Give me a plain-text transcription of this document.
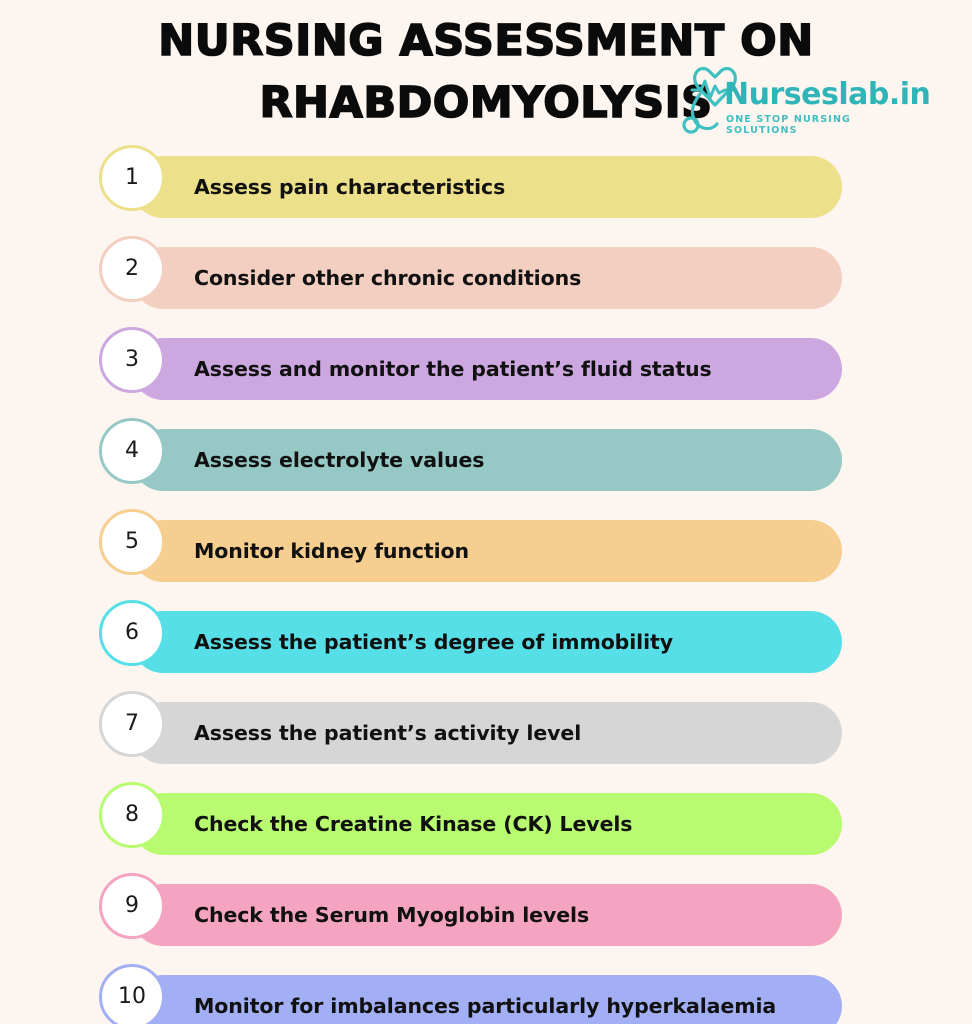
NURSING ASSESSMENT ON RHABDOMYOLYSIS Nurseslab.in
ONE STOP NURSING SOLUTIONS
1	Assess pain characteristics
2	Consider other chronic conditions
3	Assess and monitor the patient’s fluid status
4	Assess electrolyte values
5	Monitor kidney function
6	Assess the patient’s degree of immobility
7	Assess the patient’s activity level
8	Check the Creatine Kinase (CK) Levels
9	Check the Serum Myoglobin levels
10 Monitor for imbalances particularly hyperkalaemia
